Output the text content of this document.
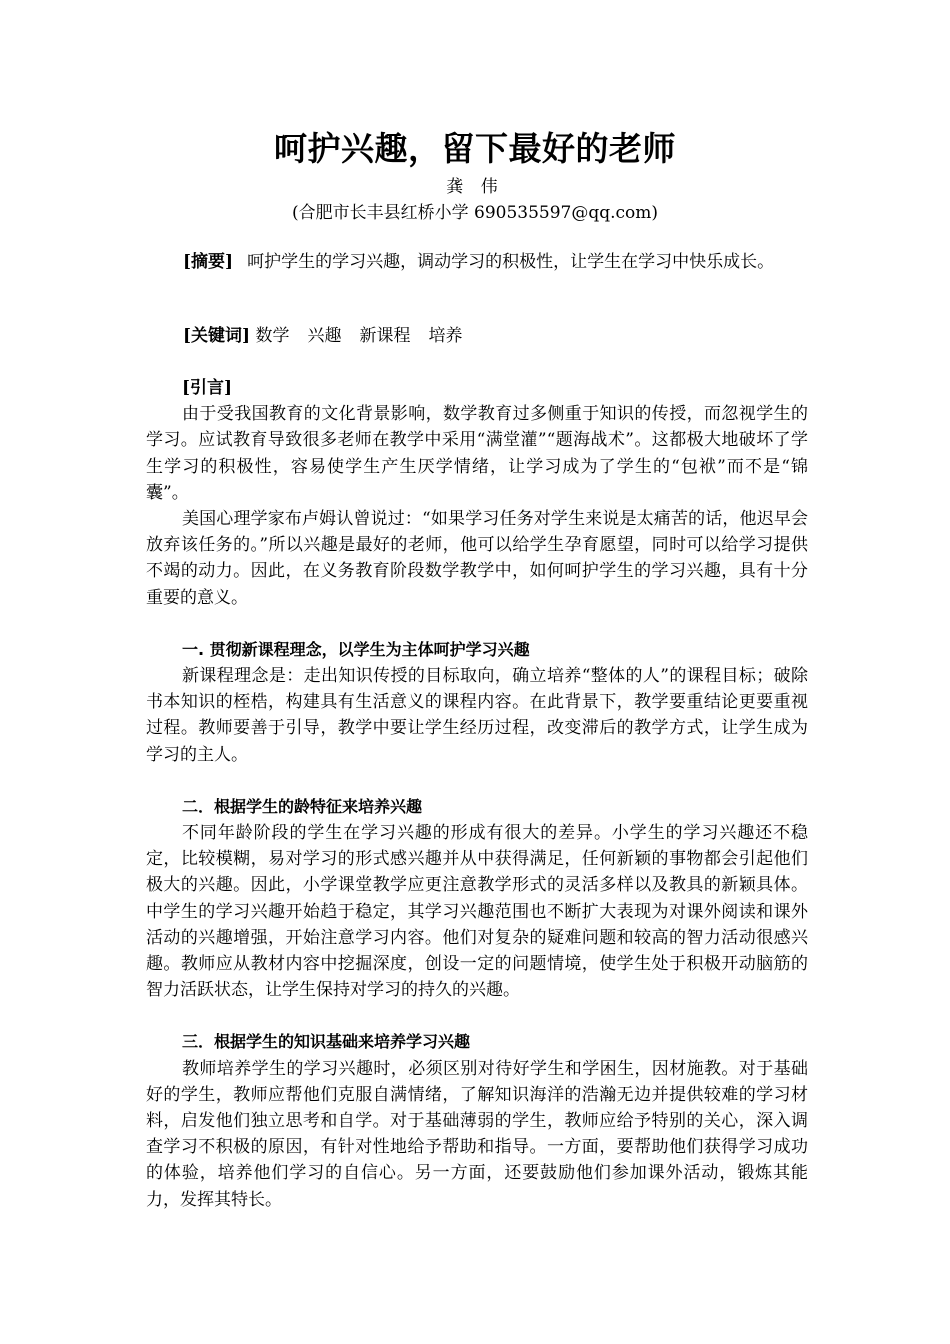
呵护兴趣，留下最好的老师
龚 伟
(合肥市长丰县红桥小学 690535597@qq.com)
[摘要] 呵护学生的学习兴趣，调动学习的积极性，让学生在学习中快乐成长。
[关键词] 数学 兴趣 新课程 培养
[引言]

由于受我国教育的文化背景影响，数学教育过多侧重于知识的传授，而忽视学生的学习。应试教育导致很多老师在教学中采用“满堂灌”“题海战术”。这都极大地破坏了学生学习的积极性，容易使学生产生厌学情绪，让学习成为了学生的“包袱”而不是“锦囊”。

美国心理学家布卢姆认曾说过：“如果学习任务对学生来说是太痛苦的话，他迟早会放弃该任务的。”所以兴趣是最好的老师，他可以给学生孕育愿望，同时可以给学习提供不竭的动力。因此，在义务教育阶段数学教学中，如何呵护学生的学习兴趣，具有十分重要的意义。

一. 贯彻新课程理念，以学生为主体呵护学习兴趣

新课程理念是：走出知识传授的目标取向，确立培养“整体的人”的课程目标；破除书本知识的桎梏，构建具有生活意义的课程内容。在此背景下，教学要重结论更要重视过程。教师要善于引导，教学中要让学生经历过程，改变滞后的教学方式，让学生成为学习的主人。

二．根据学生的龄特征来培养兴趣

不同年龄阶段的学生在学习兴趣的形成有很大的差异。小学生的学习兴趣还不稳定，比较模糊，易对学习的形式感兴趣并从中获得满足，任何新颖的事物都会引起他们极大的兴趣。因此，小学课堂教学应更注意教学形式的灵活多样以及教具的新颖具体。中学生的学习兴趣开始趋于稳定，其学习兴趣范围也不断扩大表现为对课外阅读和课外活动的兴趣增强，开始注意学习内容。他们对复杂的疑难问题和较高的智力活动很感兴趣。教师应从教材内容中挖掘深度，创设一定的问题情境，使学生处于积极开动脑筋的智力活跃状态，让学生保持对学习的持久的兴趣。

三．根据学生的知识基础来培养学习兴趣

教师培养学生的学习兴趣时，必须区别对待好学生和学困生，因材施教。对于基础好的学生，教师应帮他们克服自满情绪，了解知识海洋的浩瀚无边并提供较难的学习材料，启发他们独立思考和自学。对于基础薄弱的学生，教师应给予特别的关心，深入调查学习不积极的原因，有针对性地给予帮助和指导。一方面，要帮助他们获得学习成功的体验，培养他们学习的自信心。另一方面，还要鼓励他们参加课外活动，锻炼其能力，发挥其特长。
